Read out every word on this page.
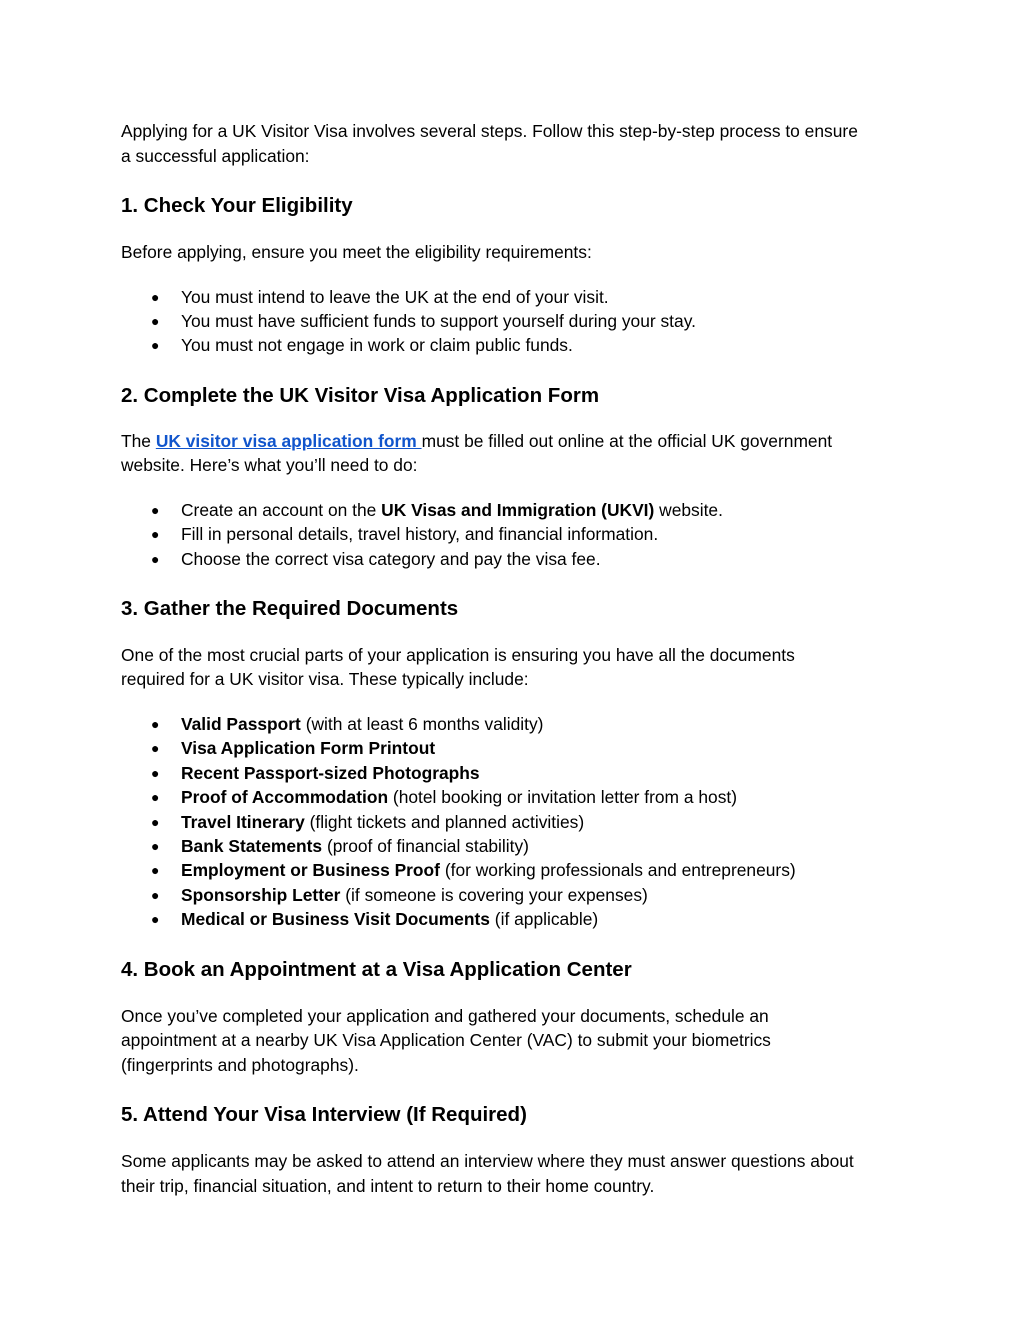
Applying for a UK Visitor Visa involves several steps. Follow this step-by-step process to ensure
a successful application:

1. Check Your Eligibility

Before applying, ensure you meet the eligibility requirements:

● You must intend to leave the UK at the end of your visit.
● You must have sufficient funds to support yourself during your stay.
● You must not engage in work or claim public funds.
2. Complete the UK Visitor Visa Application Form

The UK visitor visa application form must be filled out online at the official UK government
website. Here’s what you’ll need to do:

● Create an account on the UK Visas and Immigration (UKVI) website.
● Fill in personal details, travel history, and financial information.
● Choose the correct visa category and pay the visa fee.
3. Gather the Required Documents

One of the most crucial parts of your application is ensuring you have all the documents
required for a UK visitor visa. These typically include:

● Valid Passport (with at least 6 months validity)
● Visa Application Form Printout
● Recent Passport-sized Photographs
● Proof of Accommodation (hotel booking or invitation letter from a host)
● Travel Itinerary (flight tickets and planned activities)
● Bank Statements (proof of financial stability)
● Employment or Business Proof (for working professionals and entrepreneurs)
● Sponsorship Letter (if someone is covering your expenses)
● Medical or Business Visit Documents (if applicable)
4. Book an Appointment at a Visa Application Center

Once you’ve completed your application and gathered your documents, schedule an
appointment at a nearby UK Visa Application Center (VAC) to submit your biometrics
(fingerprints and photographs).

5. Attend Your Visa Interview (If Required)

Some applicants may be asked to attend an interview where they must answer questions about
their trip, financial situation, and intent to return to their home country.
